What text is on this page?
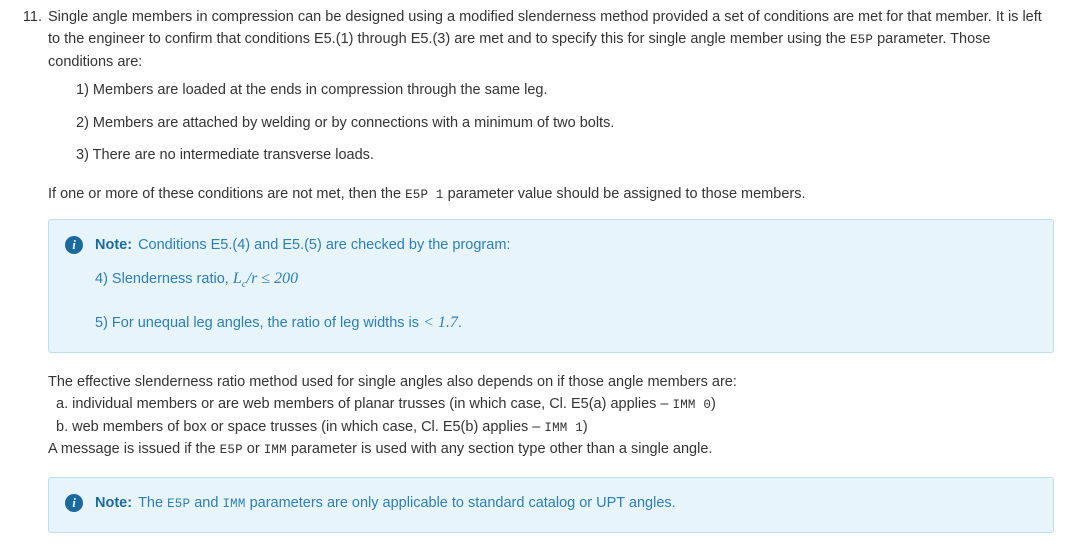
11. Single angle members in compression can be designed using a modified slenderness method provided a set of conditions are met for that member. It is left to the engineer to confirm that conditions E5.(1) through E5.(3) are met and to specify this for single angle member using the E5P parameter. Those conditions are:

1) Members are loaded at the ends in compression through the same leg.
2) Members are attached by welding or by connections with a minimum of two bolts.
3) There are no intermediate transverse loads.

If one or more of these conditions are not met, then the E5P 1 parameter value should be assigned to those members.

i	Note: Conditions E5.(4) and E5.(5) are checked by the program:
4) Slenderness ratio, $L_c/r \le 200$
5) For unequal leg angles, the ratio of leg widths is < 1.7.

The effective slenderness ratio method used for single angles also depends on if those angle members are:

a. individual members or are web members of planar trusses (in which case, Cl. E5(a) applies – IMM 0)

b. web members of box or space trusses (in which case, Cl. E5(b) applies – IMM 1)

A message is issued if the E5P or IMM parameter is used with any section type other than a single angle.

i	Note: The E5P and IMM parameters are only applicable to standard catalog or UPT angles.
